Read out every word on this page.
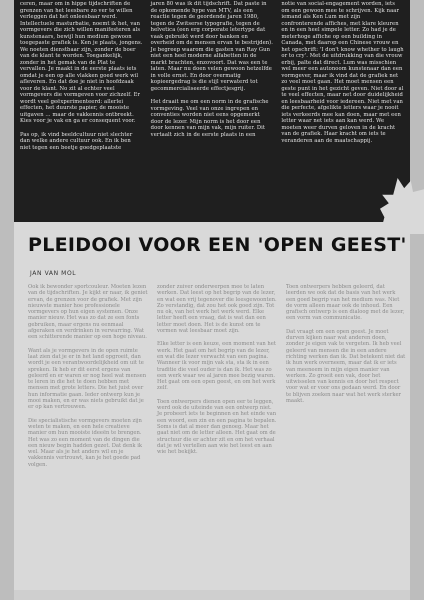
ceren, maar om in hippe tijdschriften de grenzen van het leesbare zo ver te willen verleggen dat het onleesbaar werd. Intellectuele masturbatie, noemt ik het, van vormgevers die zich willen manifesteren als kunstenaars, bewijl hun medium gewoon toegepaste grafiek is. Ken je plaats, jongens. We noeten dienstbaar zijn, zonder de boer van de klant te worden. Toegankelijk, zonder in het gemak van de Plat te vervallen. Je maakt in de eerste plaats iets omdat je een op alle vlakken goed werk wil afleveren. En dat doe je niet in hoofdzaak voor de klant. No zit al echter veel vormgevers die vormgeven voor zichzelf. Er wordt veel geëxperimenteerd: allerlei effecten, het duurste papier, de mooiste uitgaven ... maar de vakkennis ontbreekt. Kies voor je vak en ga er consequent voor.

Pas op, ik vind beeldcultuur niet slechter dan welke andere cultuur ook. En ik ben niet tegen een beetje goedgeplaatste

jaren 80 was ik dit tijdschrift. Dat paste in de opkomende hype van MTV, als een reactie tegen de geordende jaren 1980, tegen de Zwitserse typografie, tegen de helvetica (een erg corporate letertype dat vaak gebruikt werd door banken en overheid om de mensen ervan te bestrijden). Je begreep waarom die gasten van Ray Gun niet een heel moderne alfabetten in de markt brachten, enzovoort. Dat was een te laten. Maar nu doen velen gewoon hetzelfde in volle ernst. En door overmatig kopieergedrag is die stijl verwaterd tot gecommercialiseerde effectjesgrij.

Het draait me om een norm in de grafische vormgeving. Veel van onze ingrepen en conventies worden niet eens opgemerkt door de lezer. Mijn norm is het door een door kennen van mijn vak, mijn ruiter. Dit vertaalt zich in de eerste plaats in een

notie van social-engagement worden, iets om een gewoon mee te schrijven. Kijk naar iemand als Ken Lum met zijn confronterende affiches, met klare kleuren en in een heel simpele letter. Zo had je de meterhoge affiche op een building in Canada, met daarop een Chinese vrouw en het opschrift: 'I don't know whether to laugh or to cry'. Met de uitdrukking van die vrouw erbij, palte dat direct. Lum was misschien wel meer een autonoom kunstenaar dan een vormgever, maar ik vind dat de grafiek net zo veel moet gaan. Het moet mensen een geste punt in het gezicht geven. Niet door al te veel effecten, maar net door duidelijkheid en leesbaarheid voor iedereen. Niet met van die perfecte, afgelikte letters waar je nooit iets verkeerds mee kan doen, maar met een letter waar net iets aan kan werd. We moeten weer durven geloven in de kracht van de grafiek. Haar kracht om iets te veranderen aan de maatschappij.

PLEIDOOI VOOR EEN 'OPEN GEEST'

JAN VAN MOL

Ook ik bewonder sportcouleur. Moeten lezen van de tijdschriften. Je kijkt er naar, ik geniet ervan, de grenzen voor de grafiek. Met zijn nieuwste manier hoe professionele vormgevers op hun eigen systemen. Onze manier nieuw. Het was zo dat ze een fonts gebruiken, maar ergens nu eenmaal afgeraken en verdrinken in verwarring. Wat een schitterende manier op een hoge niveau.

Want als je vormgevers in de open ruimte laat zien dat je er in het land opgroeit, dan wordt je een verantwoordelijkheid om uit te spreken. Ik heb er dit eerst ergens van geleerd en er waren er nog heel wat mensen te leren in die het te doen hebben met mensen met grote letters. Die het juist over hun informatie gaan. Ieder ontwerp kun je mooi maken, en er was niets gebruikt dat je er op kan vertrouwen.

Die specialistische vormgevers moeten zijn weten te maken, en een hele creatieve manier om hun mooiste ideeën te brengen. Het was zo een moment van de dingen die een nieuw begin hadden gezet. Dat denk ik wel. Maar als je het anders wil en je vakkennis vertrouwt, kan je het goede pad volgen.

zonder zuiver onderwerpen mee te laten werken. Dat leest op het begrip van de lezer, en wat een vrij tegenover die leesgewoonten. Zo verstandig, dat zou het ook goed zijn. Tot nu ok, van het werk het werk werd. Elke letter heeft een vraag, dat is wat dan een letter moet doen. Het is de kunst om te vormen wat leesbaar moet zijn.

Elke letter is een keuze, een moment van het werk. Het gaat om het begrip van de lezer, en wat die lezer verwacht van een pagina. Wanneer ik voor mijn vak sta, sta ik in een traditie die veel ouder is dan ik. Het was zo een werk waar we al jaren mee bezig waren. Het gaat om een open geest, en om het werk zelf.

Toen ontwerpers dienen open eer te leggen, werd ook de uiteinde van een ontwerp niet. Je probeert iets te beginnen en het einde van een woord, een zin en een pagina te bepalen. Soms is dat al meer dan genoeg. Maar het gaat niet om de letter alleen. Het gaat om de structuur die er achter zit en om het verhaal dat je wil vertellen aan wie het leest en aan wie het bekijkt.

Toen ontwerpers hebben geleerd, dat leerden we ook dat de basis van het werk een goed begrip van het medium was. Niet de vorm alleen maar ook de inhoud. Een grafisch ontwerp is een dialoog met de lezer, een vorm van communicatie.

Dat vraagt om een open geest. Je moet durven kijken naar wat anderen doen, zonder je eigen vak te vergeten. Ik heb veel geleerd van mensen die in een andere richting werken dan ik. Dat betekent niet dat ik hun werk overneem, maar dat ik er iets van meeneem in mijn eigen manier van werken. Zo groeit een vak, door het uitwisselen van kennis en door het respect voor wat er voor ons gedaan werd. En door te blijven zoeken naar wat het werk sterker maakt.
